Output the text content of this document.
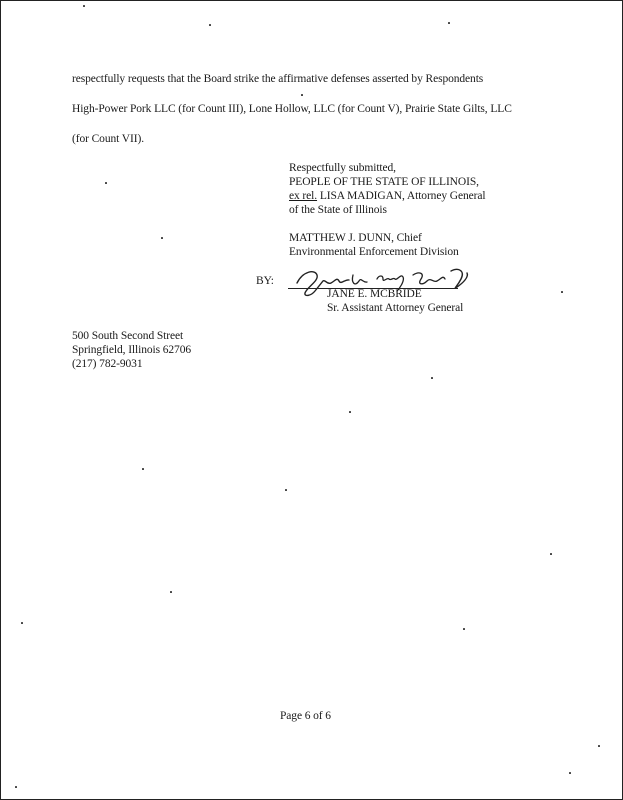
respectfully requests that the Board strike the affirmative defenses asserted by Respondents
High-Power Pork LLC (for Count III), Lone Hollow, LLC (for Count V), Prairie State Gilts, LLC
(for Count VII).
Respectfully submitted,
PEOPLE OF THE STATE OF ILLINOIS,
ex rel. LISA MADIGAN, Attorney General
of the State of Illinois
MATTHEW J. DUNN, Chief
Environmental Enforcement Division
BY:
JANE E. MCBRIDE
Sr. Assistant Attorney General
500 South Second Street
Springfield, Illinois 62706
(217) 782-9031
Page 6 of 6
